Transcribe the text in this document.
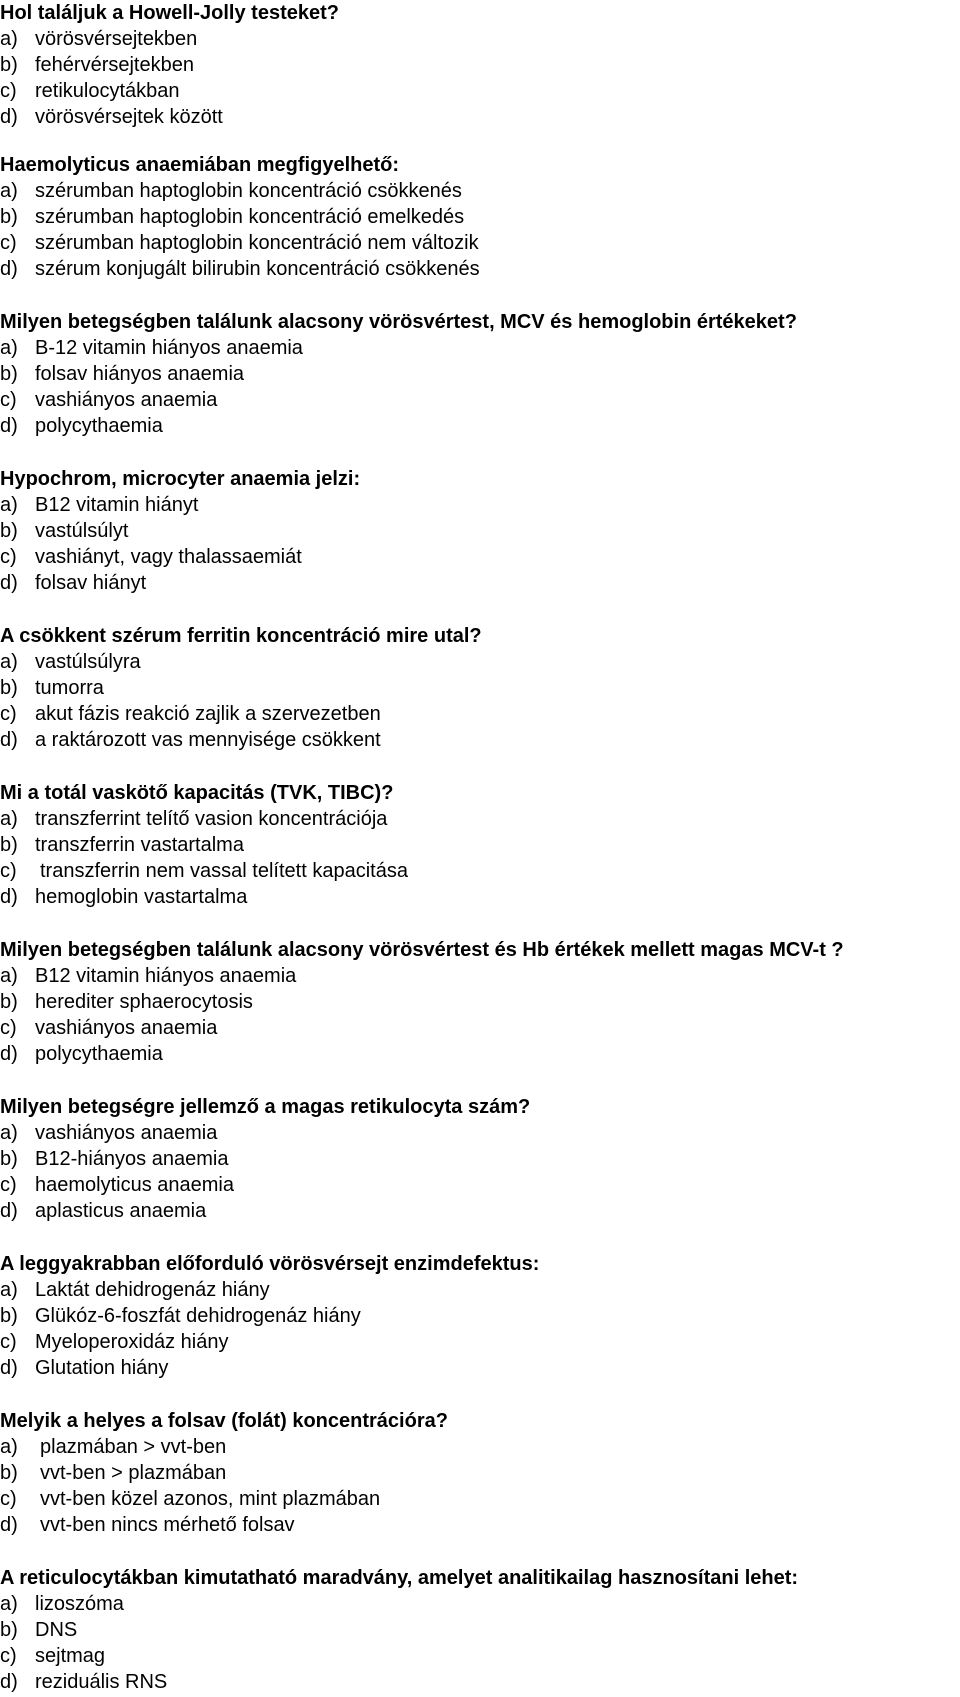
Hol találjuk a Howell-Jolly testeket?
a) vörösvérsejtekben
b) fehérvérsejtekben
c) retikulocytákban
d) vörösvérsejtek között
Haemolyticus anaemiában megfigyelhető:
a) szérumban haptoglobin koncentráció csökkenés
b) szérumban haptoglobin koncentráció emelkedés
c) szérumban haptoglobin koncentráció nem változik
d) szérum konjugált bilirubin koncentráció csökkenés
Milyen betegségben találunk alacsony vörösvértest, MCV és hemoglobin értékeket?
a) B-12 vitamin hiányos anaemia
b) folsav hiányos anaemia
c) vashiányos anaemia
d) polycythaemia
Hypochrom, microcyter anaemia jelzi:
a) B12 vitamin hiányt
b) vastúlsúlyt
c) vashiányt, vagy thalassaemiát
d) folsav hiányt
A csökkent szérum ferritin koncentráció mire utal?
a) vastúlsúlyra
b) tumorra
c) akut fázis reakció zajlik a szervezetben
d) a raktározott vas mennyisége csökkent
Mi a totál vaskötő kapacitás (TVK, TIBC)?
a) transzferrint telítő vasion koncentrációja
b) transzferrin vastartalma
c)	transzferrin nem vassal telített kapacitása
d) hemoglobin vastartalma
Milyen betegségben találunk alacsony vörösvértest és Hb értékek mellett magas MCV-t ?
a) B12 vitamin hiányos anaemia
b) herediter sphaerocytosis
c) vashiányos anaemia
d) polycythaemia
Milyen betegségre jellemző a magas retikulocyta szám?
a) vashiányos anaemia
b) B12-hiányos anaemia
c) haemolyticus anaemia
d) aplasticus anaemia
A leggyakrabban előforduló vörösvérsejt enzimdefektus:
a) Laktát dehidrogenáz hiány
b) Glükóz-6-foszfát dehidrogenáz hiány
c) Myeloperoxidáz hiány
d) Glutation hiány
Melyik a helyes a folsav (folát) koncentrációra?
a)	plazmában > vvt-ben
b)	vvt-ben > plazmában
c)	vvt-ben közel azonos, mint plazmában
d)	vvt-ben nincs mérhető folsav
A reticulocytákban kimutatható maradvány, amelyet analitikailag hasznosítani lehet:
a) lizoszóma
b) DNS
c) sejtmag
d) reziduális RNS
